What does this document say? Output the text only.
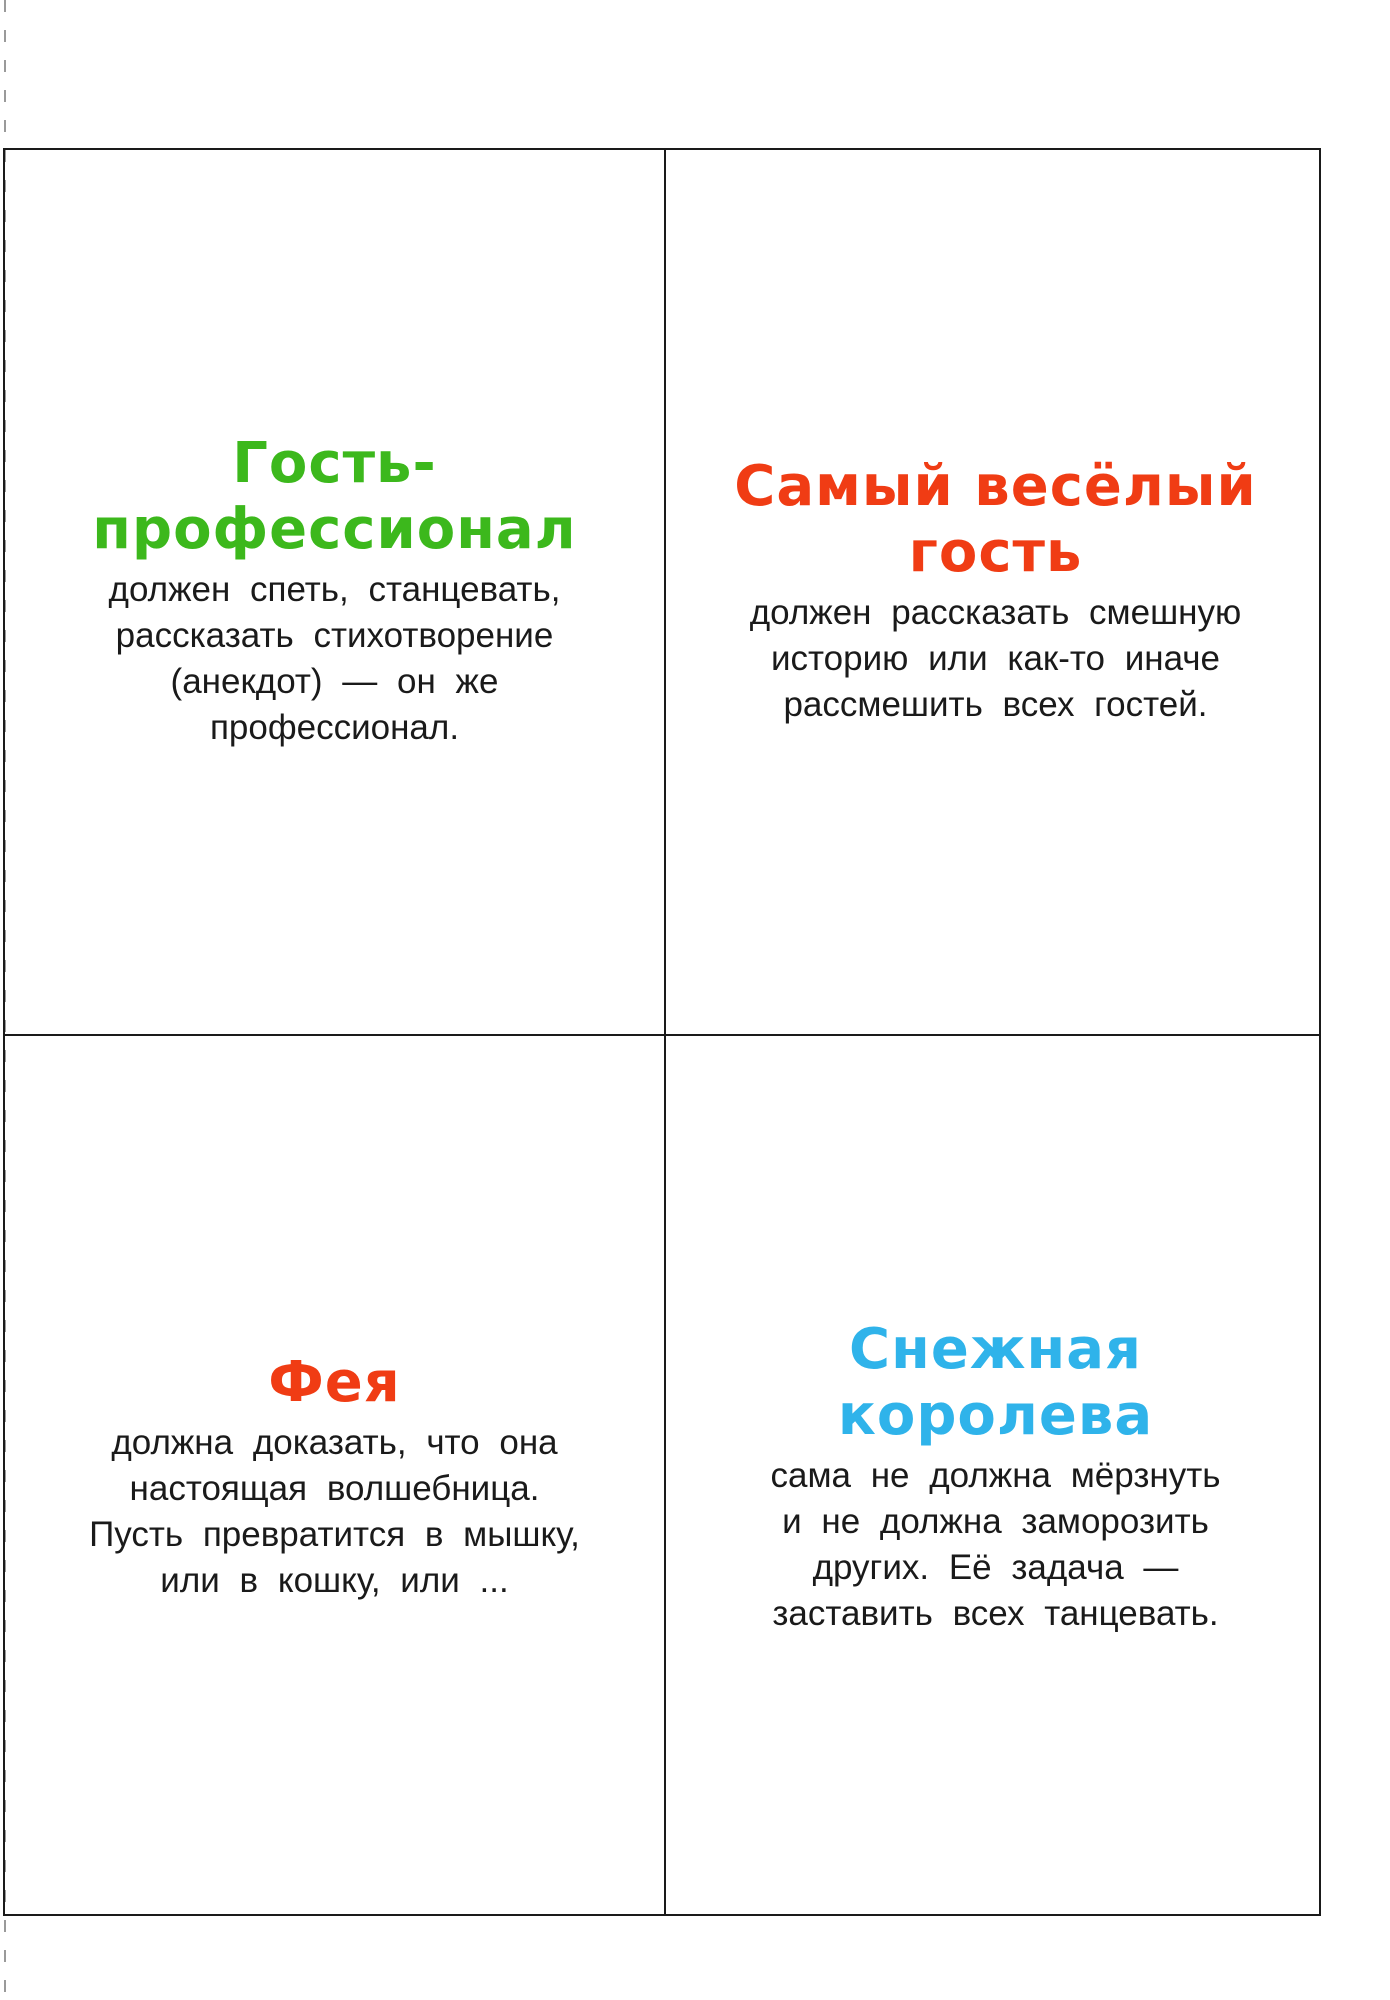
Гость-
профессионал
должен спеть, станцевать,
рассказать стихотворение
(анекдот) — он же
профессионал.
Самый весёлый
гость
должен рассказать смешную
историю или как-то иначе
рассмешить всех гостей.
Фея
должна доказать, что она
настоящая волшебница.
Пусть превратится в мышку,
или в кошку, или ...
Снежная королева
сама не должна мёрзнуть
и не должна заморозить
других. Её задача —
заставить всех танцевать.
